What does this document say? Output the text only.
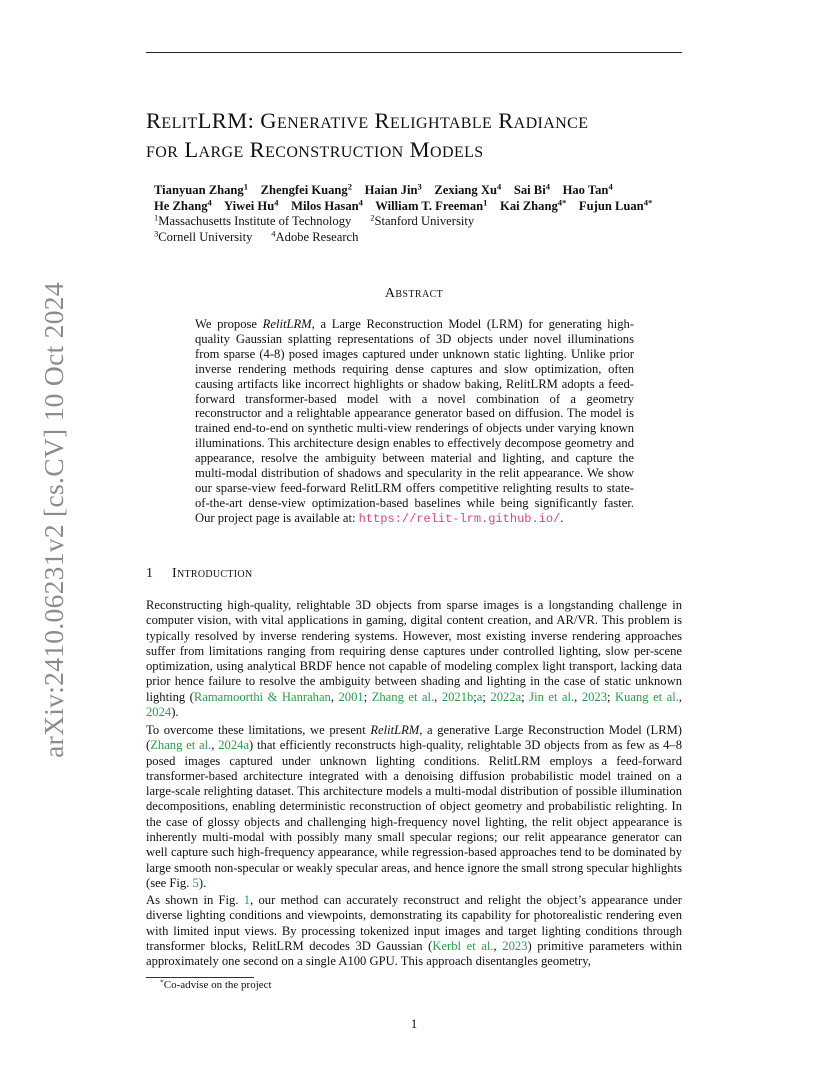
arXiv:2410.06231v2 [cs.CV] 10 Oct 2024
RelitLRM: Generative Relightable Radiance
for Large Reconstruction Models
Tianyuan Zhang$^1$ Zhengfei Kuang$^2$ Haian Jin$^3$ Zexiang Xu$^4$ Sai Bi$^4$ Hao Tan$^4$
He Zhang$^4$ Yiwei Hu$^4$ Milos Hasan$^4$ William T. Freeman$^1$ Kai Zhang$^{4*}$ Fujun Luan$^{4*}$
$^1$Massachusetts Institute of Technology $^2$Stanford University
$^3$Cornell University $^4$Adobe Research
Abstract
We propose RelitLRM, a Large Reconstruction Model (LRM) for generating high-quality Gaussian splatting representations of 3D objects under novel illuminations from sparse (4-8) posed images captured under unknown static lighting. Unlike prior inverse rendering methods requiring dense captures and slow optimization, often causing artifacts like incorrect highlights or shadow baking, RelitLRM adopts a feed-forward transformer-based model with a novel combination of a geometry reconstructor and a relightable appearance generator based on diffusion. The model is trained end-to-end on synthetic multi-view renderings of objects under varying known illuminations. This architecture design enables to effectively decompose geometry and appearance, resolve the ambiguity between material and lighting, and capture the multi-modal distribution of shadows and specularity in the relit appearance. We show our sparse-view feed-forward RelitLRM offers competitive relighting results to state-of-the-art dense-view optimization-based baselines while being significantly faster. Our project page is available at: https://relit-lrm.github.io/.
1 Introduction
Reconstructing high-quality, relightable 3D objects from sparse images is a longstanding challenge in computer vision, with vital applications in gaming, digital content creation, and AR/VR. This problem is typically resolved by inverse rendering systems. However, most existing inverse rendering approaches suffer from limitations ranging from requiring dense captures under controlled lighting, slow per-scene optimization, using analytical BRDF hence not capable of modeling complex light transport, lacking data prior hence failure to resolve the ambiguity between shading and lighting in the case of static unknown lighting (Ramamoorthi & Hanrahan, 2001; Zhang et al., 2021b;a; 2022a; Jin et al., 2023; Kuang et al., 2024).
To overcome these limitations, we present RelitLRM, a generative Large Reconstruction Model (LRM) (Zhang et al., 2024a) that efficiently reconstructs high-quality, relightable 3D objects from as few as 4–8 posed images captured under unknown lighting conditions. RelitLRM employs a feed-forward transformer-based architecture integrated with a denoising diffusion probabilistic model trained on a large-scale relighting dataset. This architecture models a multi-modal distribution of possible illumination decompositions, enabling deterministic reconstruction of object geometry and probabilistic relighting. In the case of glossy objects and challenging high-frequency novel lighting, the relit object appearance is inherently multi-modal with possibly many small specular regions; our relit appearance generator can well capture such high-frequency appearance, while regression-based approaches tend to be dominated by large smooth non-specular or weakly specular areas, and hence ignore the small strong specular highlights (see Fig. 5).
As shown in Fig. 1, our method can accurately reconstruct and relight the object’s appearance under diverse lighting conditions and viewpoints, demonstrating its capability for photorealistic rendering even with limited input views. By processing tokenized input images and target lighting conditions through transformer blocks, RelitLRM decodes 3D Gaussian (Kerbl et al., 2023) primitive parameters within approximately one second on a single A100 GPU. This approach disentangles geometry,
*Co-advise on the project
1
